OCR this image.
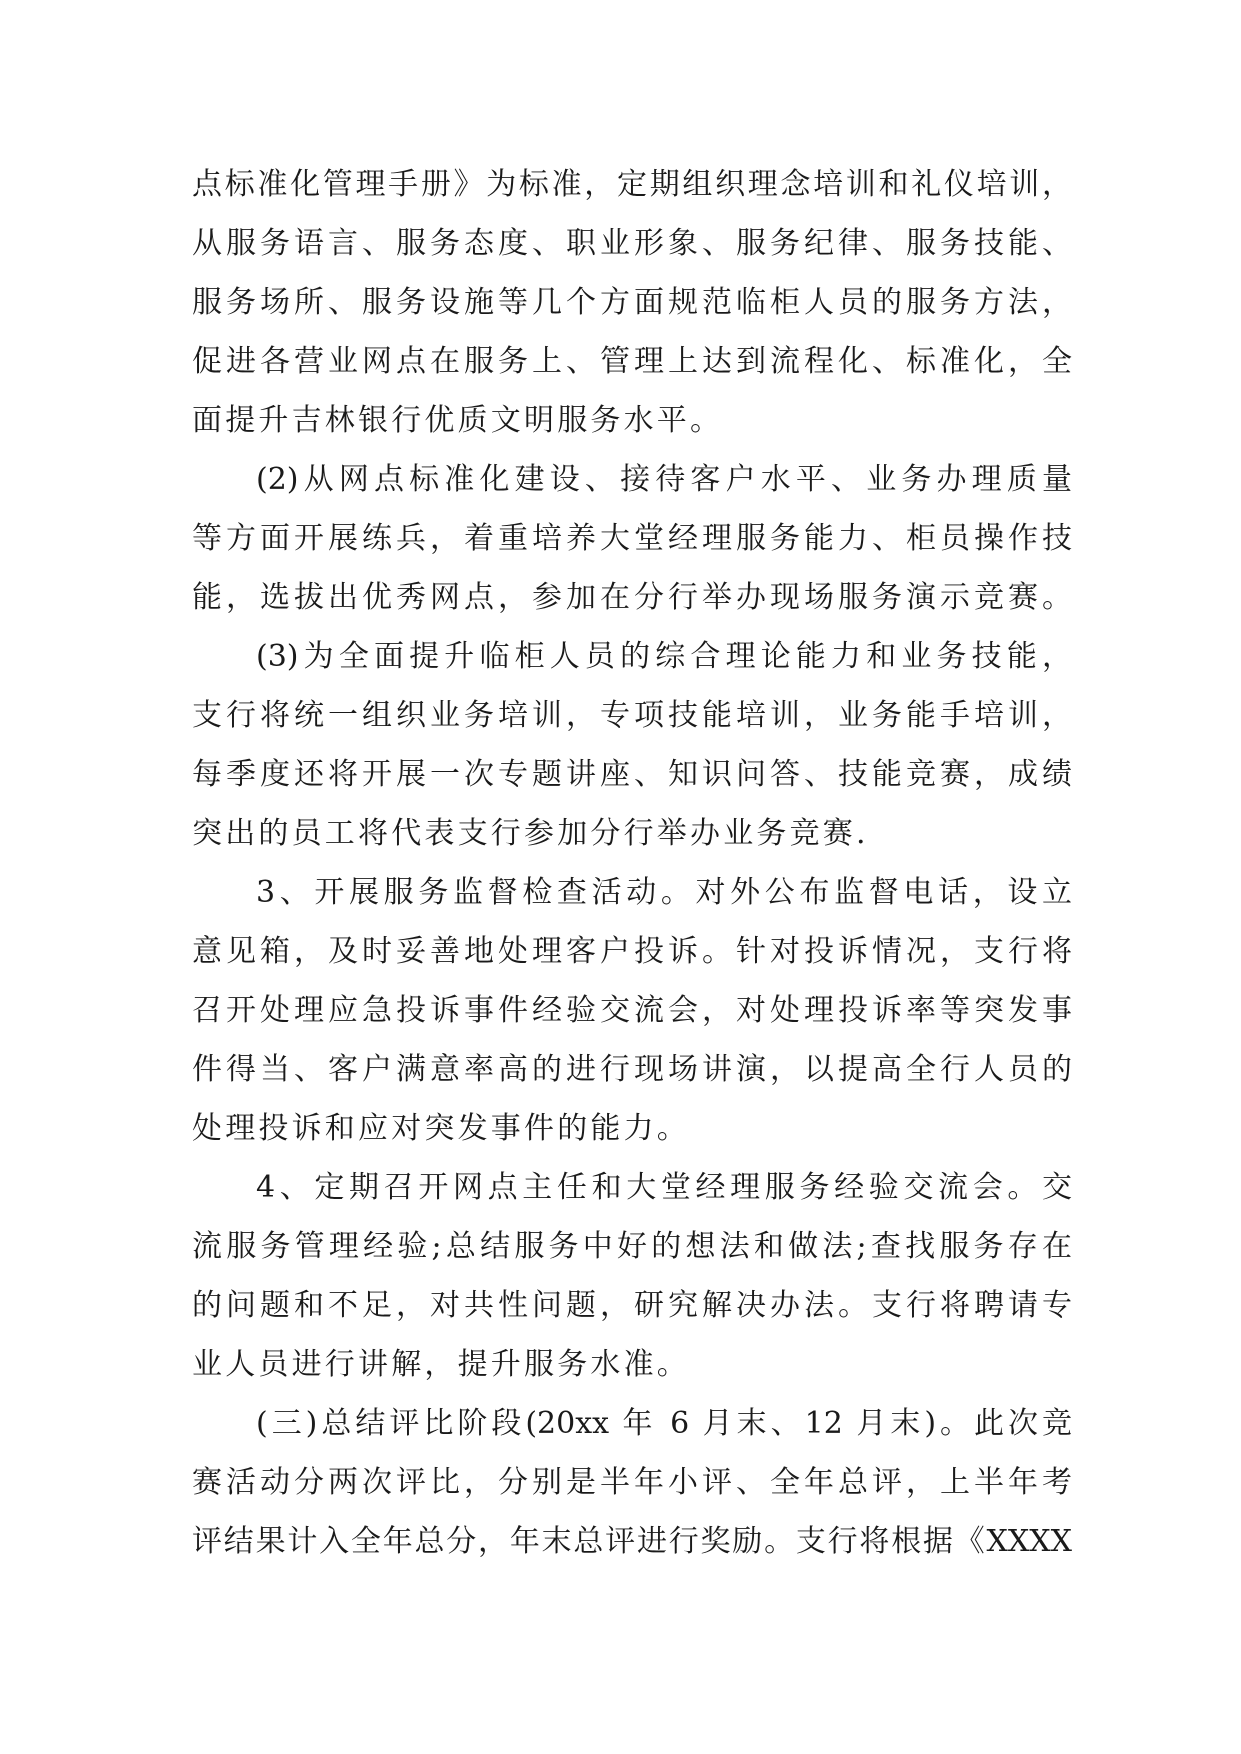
点标准化管理手册》为标准，定期组织理念培训和礼仪培训，
从服务语言、服务态度、职业形象、服务纪律、服务技能、
服务场所、服务设施等几个方面规范临柜人员的服务方法，
促进各营业网点在服务上、管理上达到流程化、标准化，全
面提升吉林银行优质文明服务水平。
(2)从网点标准化建设、接待客户水平、业务办理质量
等方面开展练兵，着重培养大堂经理服务能力、柜员操作技
能，选拔出优秀网点，参加在分行举办现场服务演示竞赛。
(3)为全面提升临柜人员的综合理论能力和业务技能，
支行将统一组织业务培训，专项技能培训，业务能手培训，
每季度还将开展一次专题讲座、知识问答、技能竞赛，成绩
突出的员工将代表支行参加分行举办业务竞赛.
3、开展服务监督检查活动。对外公布监督电话，设立
意见箱，及时妥善地处理客户投诉。针对投诉情况，支行将
召开处理应急投诉事件经验交流会，对处理投诉率等突发事
件得当、客户满意率高的进行现场讲演，以提高全行人员的
处理投诉和应对突发事件的能力。
4、定期召开网点主任和大堂经理服务经验交流会。交
流服务管理经验;总结服务中好的想法和做法;查找服务存在
的问题和不足，对共性问题，研究解决办法。支行将聘请专
业人员进行讲解，提升服务水准。
(三)总结评比阶段(20xx 年 6 月末、12 月末)。此次竞
赛活动分两次评比，分别是半年小评、全年总评，上半年考
评结果计入全年总分，年末总评进行奖励。支行将根据《XXXX
